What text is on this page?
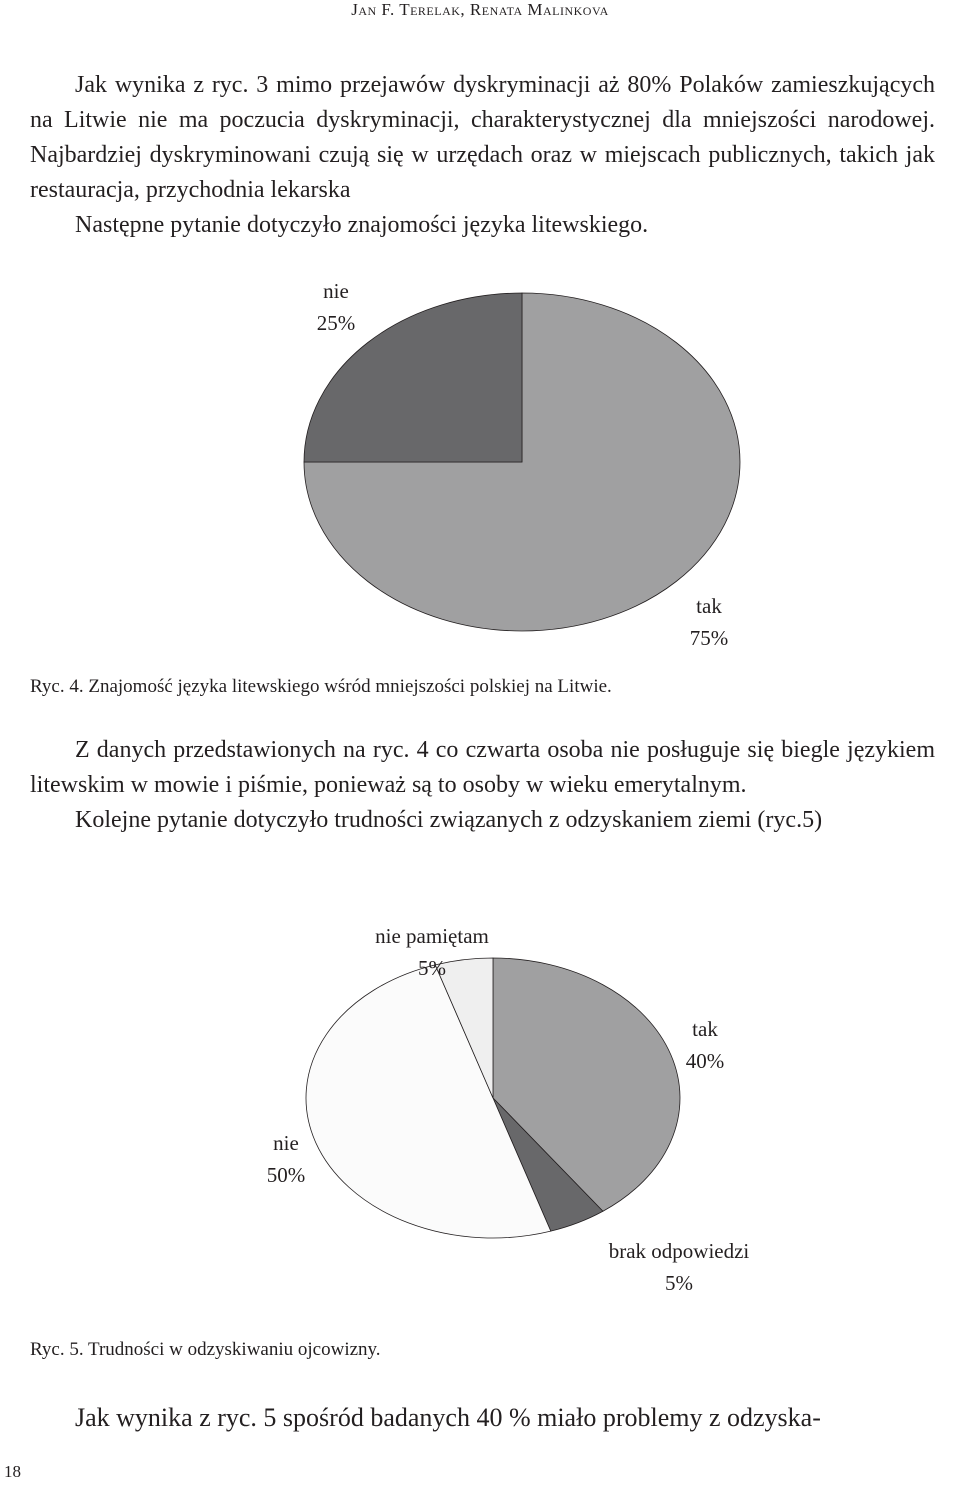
Jan F. Terelak, Renata Malinkova

Jak wynika z ryc. 3 mimo przejawów dyskryminacji aż 80% Polaków zamieszkujących na Litwie nie ma poczucia dyskryminacji, charakterystycznej dla mniejszości narodowej. Najbardziej dyskryminowani czują się w urzędach oraz w miejscach publicznych, takich jak restauracja, przychodnia lekarska

Następne pytanie dotyczyło znajomości języka litewskiego.

nie
25%
tak
75%
Ryc. 4. Znajomość języka litewskiego wśród mniejszości polskiej na Litwie.

Z danych przedstawionych na ryc. 4 co czwarta osoba nie posługuje się biegle językiem litewskim w mowie i piśmie, ponieważ są to osoby w wieku emerytalnym.

Kolejne pytanie dotyczyło trudności związanych z odzyskaniem ziemi (ryc.5)

nie pamiętam
5%
tak
40%
nie
50%
brak odpowiedzi
5%
Ryc. 5. Trudności w odzyskiwaniu ojcowizny.
Jak wynika z ryc. 5 spośród badanych 40 % miało problemy z odzyska-
18
